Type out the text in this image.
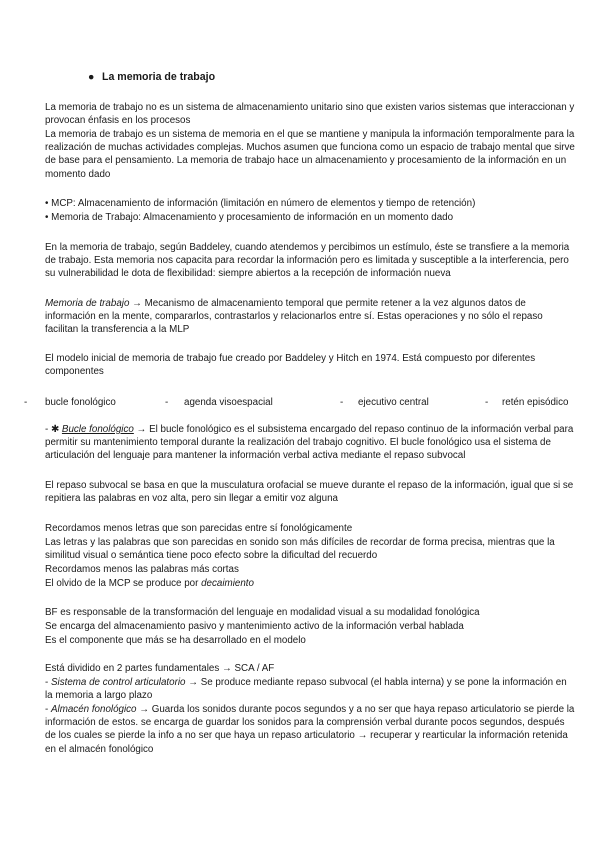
● La memoria de trabajo

La memoria de trabajo no es un sistema de almacenamiento unitario sino que existen varios sistemas que interaccionan y provocan énfasis en los procesos

La memoria de trabajo es un sistema de memoria en el que se mantiene y manipula la información temporalmente para la realización de muchas actividades complejas. Muchos asumen que funciona como un espacio de trabajo mental que sirve de base para el pensamiento. La memoria de trabajo hace un almacenamiento y procesamiento de la información en un momento dado

• MCP: Almacenamiento de información (limitación en número de elementos y tiempo de retención)

• Memoria de Trabajo: Almacenamiento y procesamiento de información en un momento dado

En la memoria de trabajo, según Baddeley, cuando atendemos y percibimos un estímulo, éste se transfiere a la memoria de trabajo. Esta memoria nos capacita para recordar la información pero es limitada y susceptible a la interferencia, pero su vulnerabilidad le dota de flexibilidad: siempre abiertos a la recepción de información nueva

Memoria de trabajo → Mecanismo de almacenamiento temporal que permite retener a la vez algunos datos de información en la mente, compararlos, contrastarlos y relacionarlos entre sí. Estas operaciones y no sólo el repaso facilitan la transferencia a la MLP

El modelo inicial de memoria de trabajo fue creado por Baddeley y Hitch en 1974. Está compuesto por diferentes componentes

- bucle fonológico	- agenda visoespacial	- ejecutivo central	- retén episódico

- ✱ Bucle fonológico → El bucle fonológico es el subsistema encargado del repaso continuo de la información verbal para permitir su mantenimiento temporal durante la realización del trabajo cognitivo. El bucle fonológico usa el sistema de articulación del lenguaje para mantener la información verbal activa mediante el repaso subvocal

El repaso subvocal se basa en que la musculatura orofacial se mueve durante el repaso de la información, igual que si se repitiera las palabras en voz alta, pero sin llegar a emitir voz alguna

Recordamos menos letras que son parecidas entre sí fonológicamente

Las letras y las palabras que son parecidas en sonido son más difíciles de recordar de forma precisa, mientras que la similitud visual o semántica tiene poco efecto sobre la dificultad del recuerdo

Recordamos menos las palabras más cortas

El olvido de la MCP se produce por decaimiento

BF es responsable de la transformación del lenguaje en modalidad visual a su modalidad fonológica

Se encarga del almacenamiento pasivo y mantenimiento activo de la información verbal hablada

Es el componente que más se ha desarrollado en el modelo

Está dividido en 2 partes fundamentales → SCA / AF

- Sistema de control articulatorio → Se produce mediante repaso subvocal (el habla interna) y se pone la información en la memoria a largo plazo

- Almacén fonológico → Guarda los sonidos durante pocos segundos y a no ser que haya repaso articulatorio se pierde la información de estos. se encarga de guardar los sonidos para la comprensión verbal durante pocos segundos, después de los cuales se pierde la info a no ser que haya un repaso articulatorio → recuperar y rearticular la información retenida en el almacén fonológico
